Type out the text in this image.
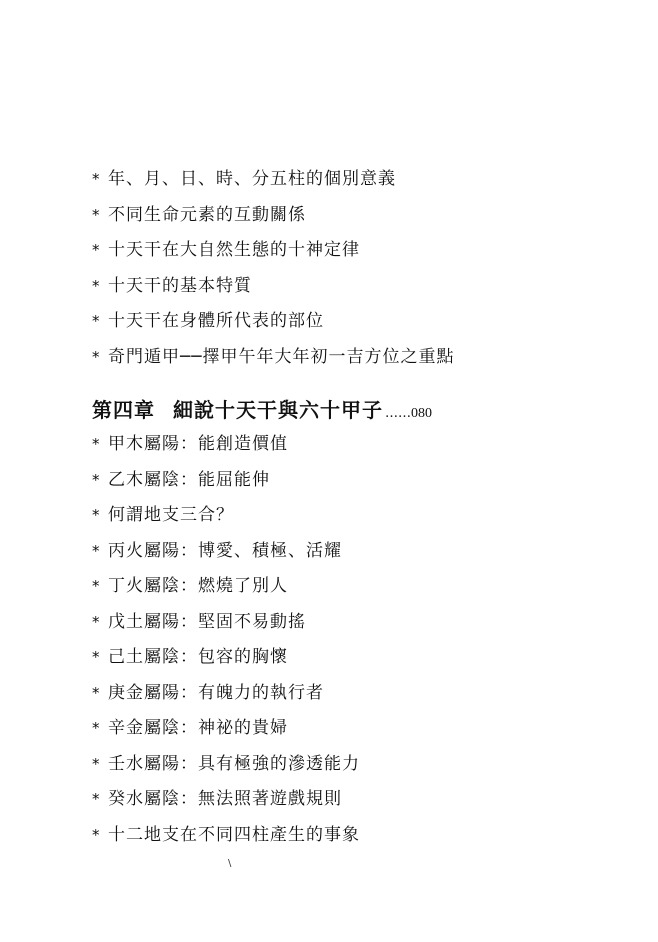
* 年、月、日、時、分五柱的個別意義
* 不同生命元素的互動關係
* 十天干在大自然生態的十神定律
* 十天干的基本特質
* 十天干在身體所代表的部位
* 奇門遁甲──擇甲午年大年初一吉方位之重點
第四章 細說十天干與六十甲子 ……080
* 甲木屬陽：能創造價值
* 乙木屬陰：能屈能伸
* 何謂地支三合？
* 丙火屬陽：博愛、積極、活耀
* 丁火屬陰：燃燒了別人
* 戊土屬陽：堅固不易動搖
* 己土屬陰：包容的胸懷
* 庚金屬陽：有魄力的執行者
* 辛金屬陰：神祕的貴婦
* 壬水屬陽：具有極強的滲透能力
* 癸水屬陰：無法照著遊戲規則
* 十二地支在不同四柱產生的事象
\
